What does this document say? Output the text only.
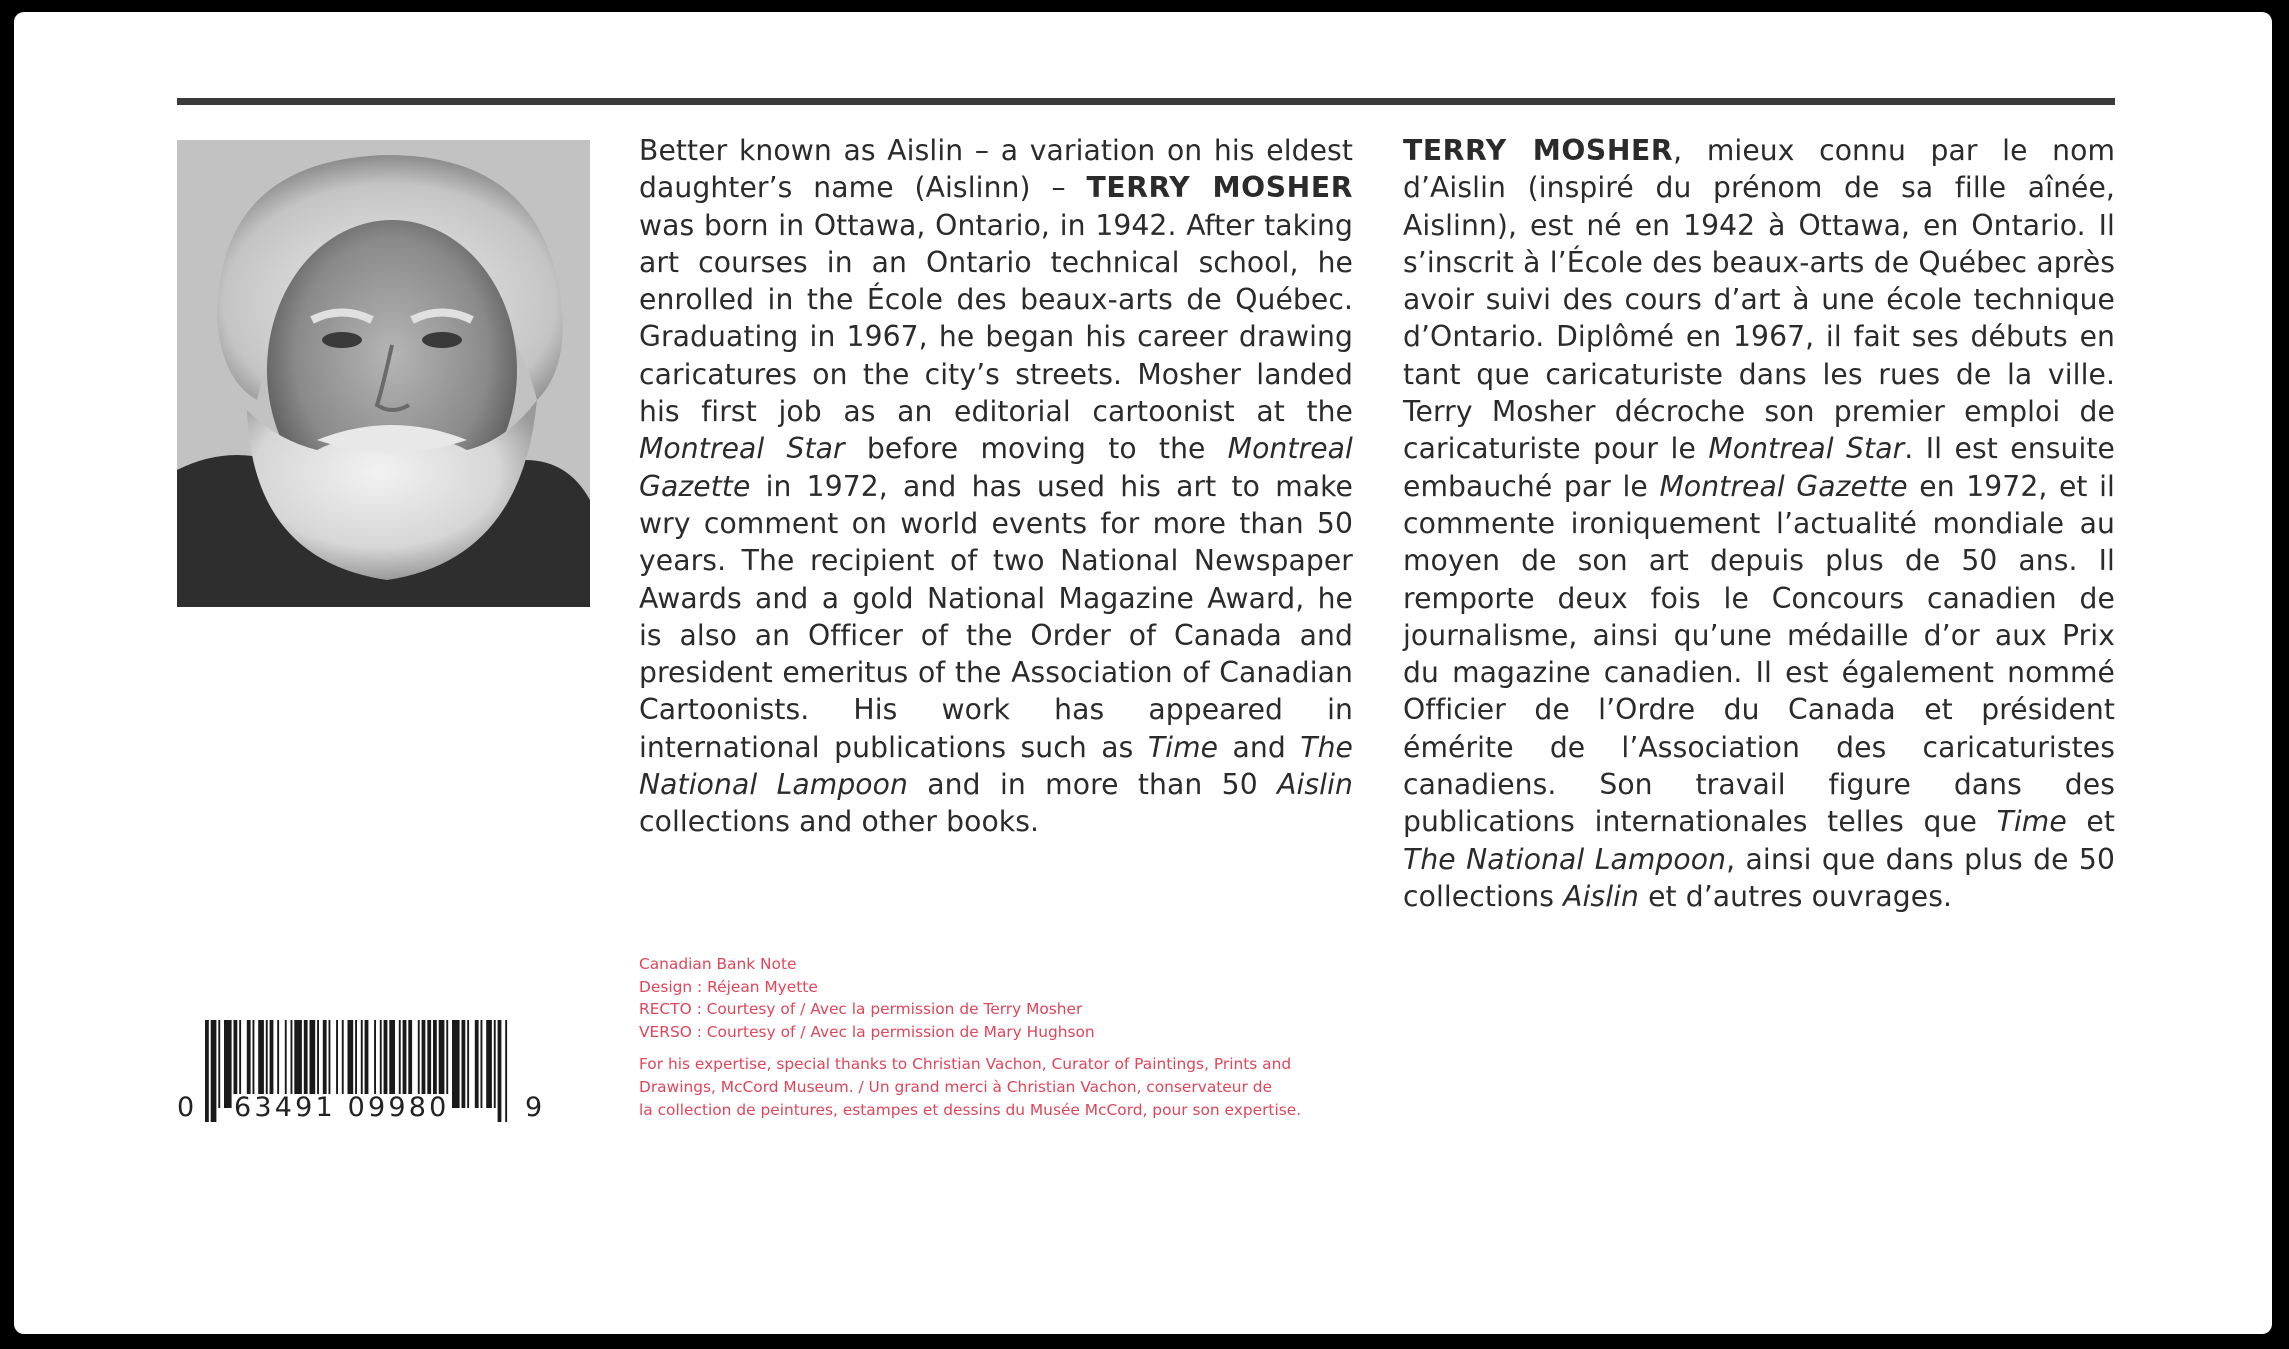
Better known as Aislin – a variation on his eldest daughter’s name (Aislinn) – TERRY MOSHER was born in Ottawa, Ontario, in 1942. After taking art courses in an Ontario technical school, he enrolled in the École des beaux-arts de Québec. Graduating in 1967, he began his career drawing caricatures on the city’s streets. Mosher landed his first job as an editorial cartoonist at the Montreal Star before moving to the Montreal Gazette in 1972, and has used his art to make wry comment on world events for more than 50 years. The recipient of two National Newspaper Awards and a gold National Magazine Award, he is also an Officer of the Order of Canada and president emeritus of the Association of Canadian Cartoonists. His work has appeared in international publications such as Time and The National Lampoon and in more than 50 Aislin collections and other books.

TERRY MOSHER, mieux connu par le nom d’Aislin (inspiré du prénom de sa fille aînée, Aislinn), est né en 1942 à Ottawa, en Ontario. Il s’inscrit à l’École des beaux-arts de Québec après avoir suivi des cours d’art à une école technique d’Ontario. Diplômé en 1967, il fait ses débuts en tant que caricaturiste dans les rues de la ville. Terry Mosher décroche son premier emploi de caricaturiste pour le Montreal Star. Il est ensuite embauché par le Montreal Gazette en 1972, et il commente ironiquement l’actualité mondiale au moyen de son art depuis plus de 50 ans. Il remporte deux fois le Concours canadien de journalisme, ainsi qu’une médaille d’or aux Prix du magazine canadien. Il est également nommé Officier de l’Ordre du Canada et président émérite de l’Association des caricaturistes canadiens. Son travail figure dans des publications internationales telles que Time et The National Lampoon, ainsi que dans plus de 50 collections Aislin et d’autres ouvrages.

Canadian Bank Note
Design : Réjean Myette
RECTO : Courtesy of / Avec la permission de Terry Mosher
VERSO : Courtesy of / Avec la permission de Mary Hughson
For his expertise, special thanks to Christian Vachon, Curator of Paintings, Prints and
Drawings, McCord Museum. / Un grand merci à Christian Vachon, conservateur de
la collection de peintures, estampes et dessins du Musée McCord, pour son expertise.
0 63491 09980	9
